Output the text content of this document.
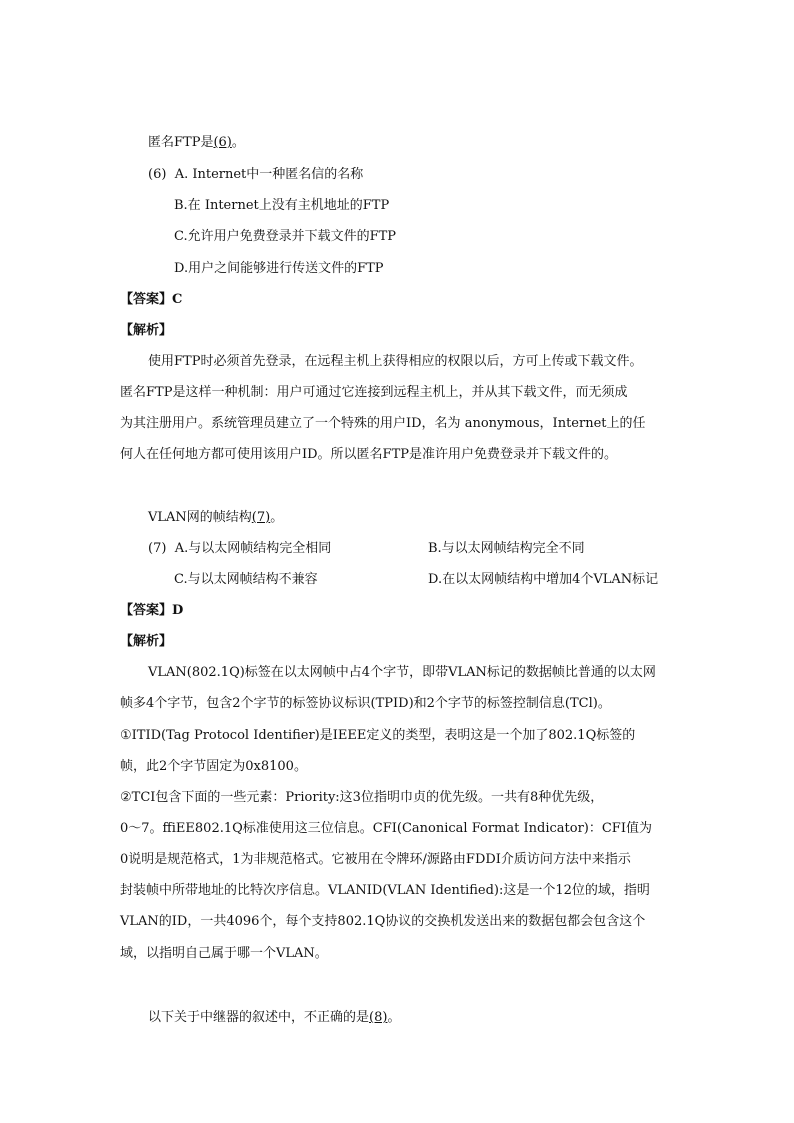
匿名FTP是(6)。
(6) A. Internet中一种匿名信的名称
B.在 Internet上没有主机地址的FTP
C.允许用户免费登录并下载文件的FTP
D.用户之间能够进行传送文件的FTP
【答案】C
【解析】
使用FTP时必须首先登录，在远程主机上获得相应的权限以后，方可上传或下载文件。
匿名FTP是这样一种机制：用户可通过它连接到远程主机上，并从其下载文件，而无须成
为其注册用户。系统管理员建立了一个特殊的用户ID，名为 anonymous，Internet上的任
何人在任何地方都可使用该用户ID。所以匿名FTP是准许用户免费登录并下载文件的。
VLAN网的帧结构(7)。
(7) A.与以太网帧结构完全相同	B.与以太网帧结构完全不同
C.与以太网帧结构不兼容	D.在以太网帧结构中增加4个VLAN标记
【答案】D
【解析】
VLAN(802.1Q)标签在以太网帧中占4个字节，即带VLAN标记的数据帧比普通的以太网
帧多4个字节，包含2个字节的标签协议标识(TPID)和2个字节的标签控制信息(TCl)。
①ITID(Tag Protocol Identifier)是IEEE定义的类型，表明这是一个加了802.1Q标签的
帧，此2个字节固定为0x8100。
②TCI包含下面的一些元素：Priority:这3位指明巾贞的优先级。一共有8种优先级，
0～7。ffiEE802.1Q标准使用这三位信息。CFI(Canonical Format Indicator)：CFI值为
0说明是规范格式，1为非规范格式。它被用在令牌环/源路由FDDI介质访问方法中来指示
封装帧中所带地址的比特次序信息。VLANID(VLAN Identified):这是一个12位的域，指明
VLAN的ID，一共4096个，每个支持802.1Q协议的交换机发送出来的数据包都会包含这个
域，以指明自己属于哪一个VLAN。
以下关于中继器的叙述中，不正确的是(8)。
